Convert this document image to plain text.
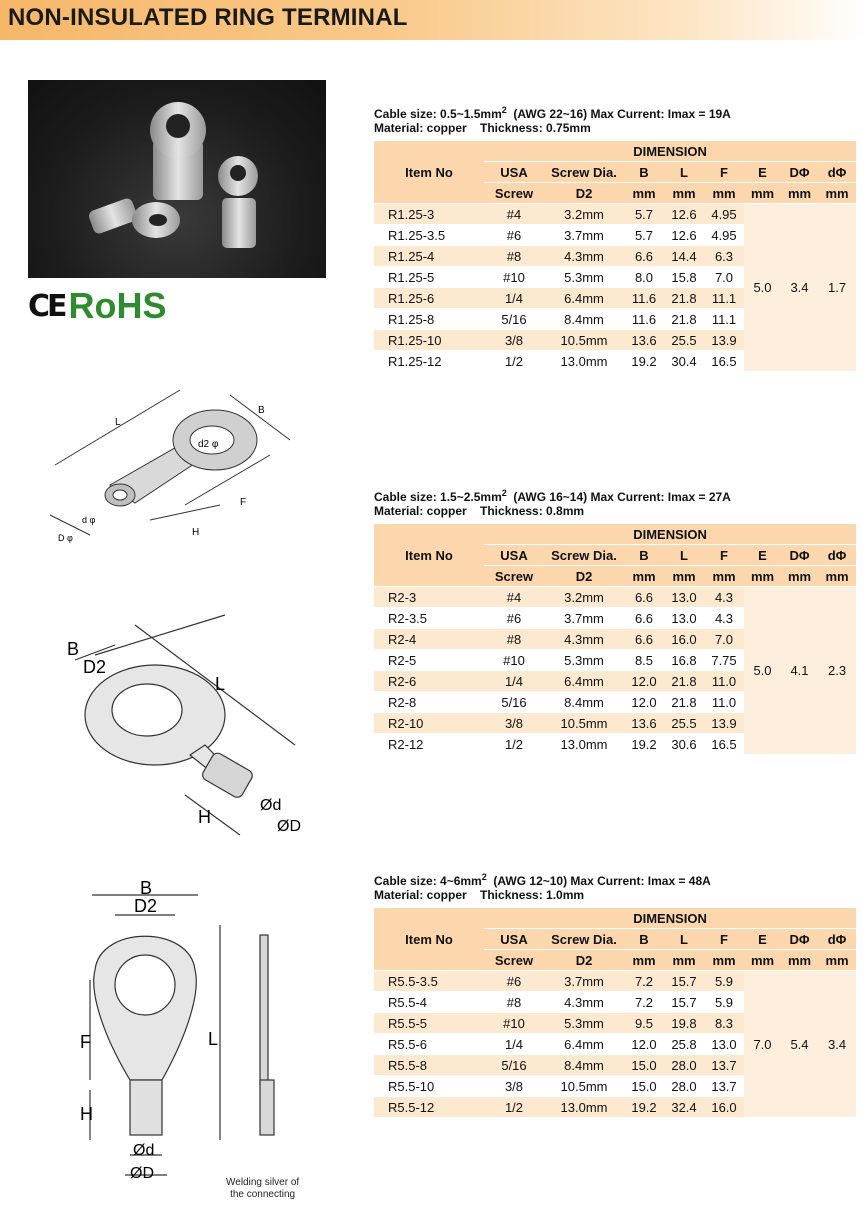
NON-INSULATED RING TERMINAL
CE RoHS
L
B
d2 φ
F
H
d φ
D φ
B
D2
L
H
Ød
ØD
B
D2
F	L
H
Ød
ØD
Welding silver of
the connecting
Cable size: $0.5\sim 1.5mm^2$  (AWG 22~16) Max Current: Imax = 19A
Material: copper    Thickness: 0.75mm
Item No	DIMENSION							
	USA	Screw Dia.	B	L	F	E	DΦ	dΦ
	Screw	D2	mm	mm	mm	mm	mm	mm
R1.25-3	#4	3.2mm	5.7	12.6	4.95	5.0	3.4	1.7
R1.25-3.5	#6	3.7mm	5.7	12.6	4.95			
R1.25-4	#8	4.3mm	6.6	14.4	6.3			
R1.25-5	#10	5.3mm	8.0	15.8	7.0			
R1.25-6	1/4	6.4mm	11.6	21.8	11.1			
R1.25-8	5/16	8.4mm	11.6	21.8	11.1			
R1.25-10	3/8	10.5mm	13.6	25.5	13.9			
R1.25-12	1/2	13.0mm	19.2	30.4	16.5			
Cable size: $1.5\sim 2.5mm^2$  (AWG 16~14) Max Current: Imax = 27A
Material: copper    Thickness: 0.8mm
Item No	DIMENSION							
	USA	Screw Dia.	B	L	F	E	DΦ	dΦ
	Screw	D2	mm	mm	mm	mm	mm	mm
R2-3	#4	3.2mm	6.6	13.0	4.3	5.0	4.1	2.3
R2-3.5	#6	3.7mm	6.6	13.0	4.3			
R2-4	#8	4.3mm	6.6	16.0	7.0			
R2-5	#10	5.3mm	8.5	16.8	7.75			
R2-6	1/4	6.4mm	12.0	21.8	11.0			
R2-8	5/16	8.4mm	12.0	21.8	11.0			
R2-10	3/8	10.5mm	13.6	25.5	13.9			
R2-12	1/2	13.0mm	19.2	30.6	16.5			
Cable size: $4\sim 6mm^2$  (AWG 12~10) Max Current: Imax = 48A
Material: copper    Thickness: 1.0mm
Item No	DIMENSION							
	USA	Screw Dia.	B	L	F	E	DΦ	dΦ
	Screw	D2	mm	mm	mm	mm	mm	mm
R5.5-3.5	#6	3.7mm	7.2	15.7	5.9	7.0	5.4	3.4
R5.5-4	#8	4.3mm	7.2	15.7	5.9			
R5.5-5	#10	5.3mm	9.5	19.8	8.3			
R5.5-6	1/4	6.4mm	12.0	25.8	13.0			
R5.5-8	5/16	8.4mm	15.0	28.0	13.7			
R5.5-10	3/8	10.5mm	15.0	28.0	13.7			
R5.5-12	1/2	13.0mm	19.2	32.4	16.0			
